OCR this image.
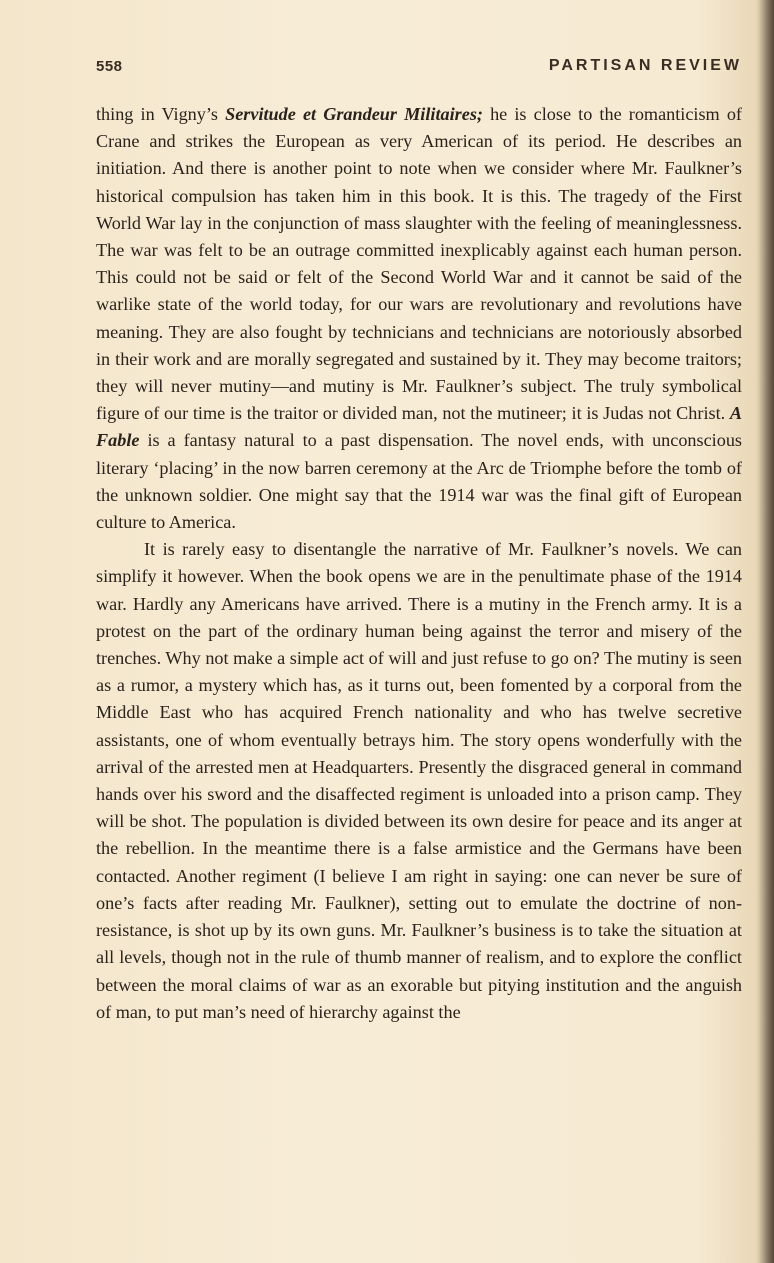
558	PARTISAN REVIEW

thing in Vigny’s Servitude et Grandeur Militaires; he is close to the romanticism of Crane and strikes the European as very American of its period. He describes an initiation. And there is another point to note when we consider where Mr. Faulkner’s historical compulsion has taken him in this book. It is this. The tragedy of the First World War lay in the conjunction of mass slaughter with the feeling of meaninglessness. The war was felt to be an outrage committed inexplicably against each human person. This could not be said or felt of the Second World War and it cannot be said of the warlike state of the world today, for our wars are revolutionary and revolutions have meaning. They are also fought by technicians and technicians are notoriously absorbed in their work and are morally segregated and sustained by it. They may become traitors; they will never mutiny—and mutiny is Mr. Faulkner’s subject. The truly symbolical figure of our time is the traitor or divided man, not the mutineer; it is Judas not Christ. A Fable is a fantasy natural to a past dispensation. The novel ends, with unconscious literary ‘placing’ in the now barren ceremony at the Arc de Triomphe before the tomb of the unknown soldier. One might say that the 1914 war was the final gift of European culture to America.

It is rarely easy to disentangle the narrative of Mr. Faulkner’s novels. We can simplify it however. When the book opens we are in the penultimate phase of the 1914 war. Hardly any Americans have arrived. There is a mutiny in the French army. It is a protest on the part of the ordinary human being against the terror and misery of the trenches. Why not make a simple act of will and just refuse to go on? The mutiny is seen as a rumor, a mystery which has, as it turns out, been fomented by a corporal from the Middle East who has acquired French nationality and who has twelve secretive assistants, one of whom eventually betrays him. The story opens wonderfully with the arrival of the arrested men at Headquarters. Presently the disgraced general in command hands over his sword and the disaffected regiment is unloaded into a prison camp. They will be shot. The population is divided between its own desire for peace and its anger at the rebellion. In the meantime there is a false armistice and the Germans have been contacted. Another regiment (I believe I am right in saying: one can never be sure of one’s facts after reading Mr. Faulkner), setting out to emulate the doctrine of non-resistance, is shot up by its own guns. Mr. Faulkner’s business is to take the situation at all levels, though not in the rule of thumb manner of realism, and to explore the conflict between the moral claims of war as an exorable but pitying institution and the anguish of man, to put man’s need of hierarchy against the
